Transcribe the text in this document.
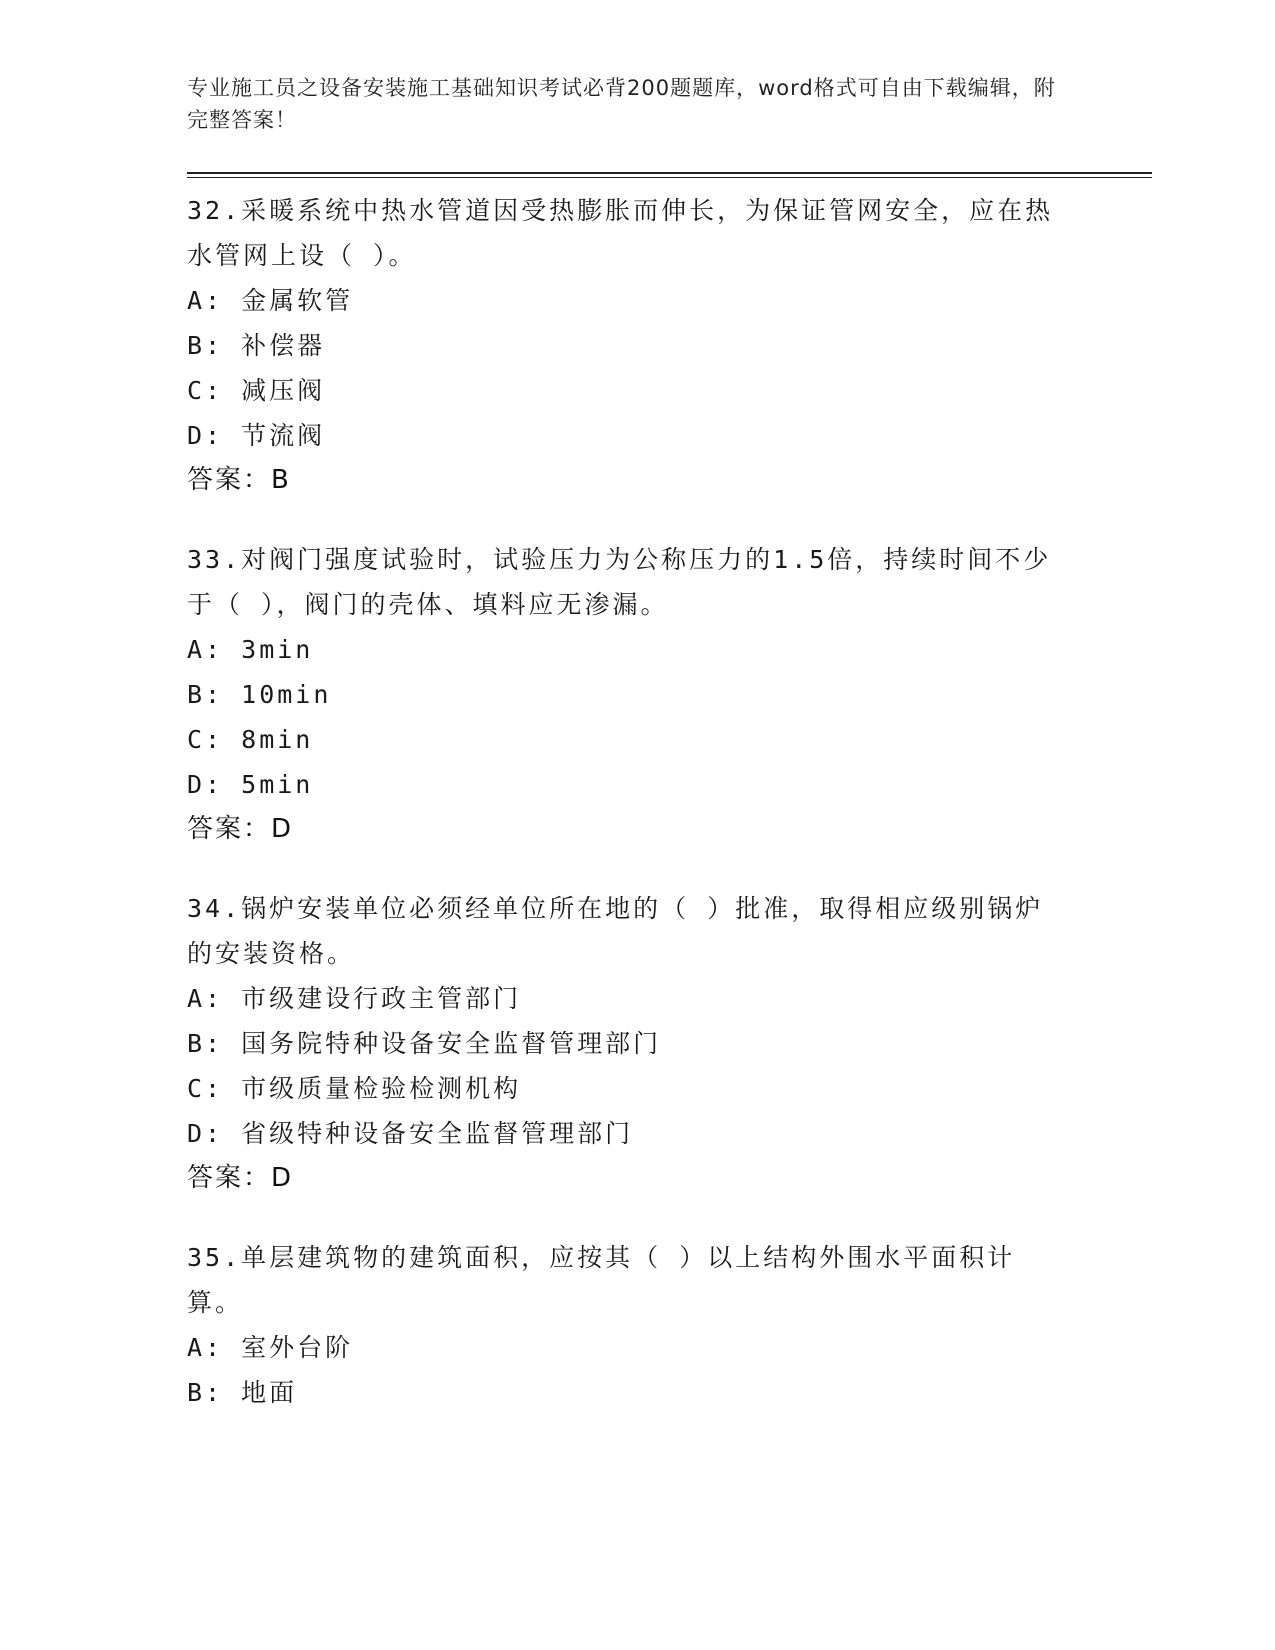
专业施工员之设备安装施工基础知识考试必背200题题库，word格式可自由下载编辑，附完整答案！

32.采暖系统中热水管道因受热膨胀而伸长，为保证管网安全，应在热水管网上设（ ）。

A: 金属软管

B: 补偿器

C: 减压阀

D: 节流阀

答案：B

33.对阀门强度试验时，试验压力为公称压力的1.5倍，持续时间不少于（ ），阀门的壳体、填料应无渗漏。

A: 3min

B: 10min

C: 8min

D: 5min

答案：D

34.锅炉安装单位必须经单位所在地的（ ）批准，取得相应级别锅炉的安装资格。

A: 市级建设行政主管部门

B: 国务院特种设备安全监督管理部门

C: 市级质量检验检测机构

D: 省级特种设备安全监督管理部门

答案：D

35.单层建筑物的建筑面积，应按其（ ）以上结构外围水平面积计算。

A: 室外台阶

B: 地面
